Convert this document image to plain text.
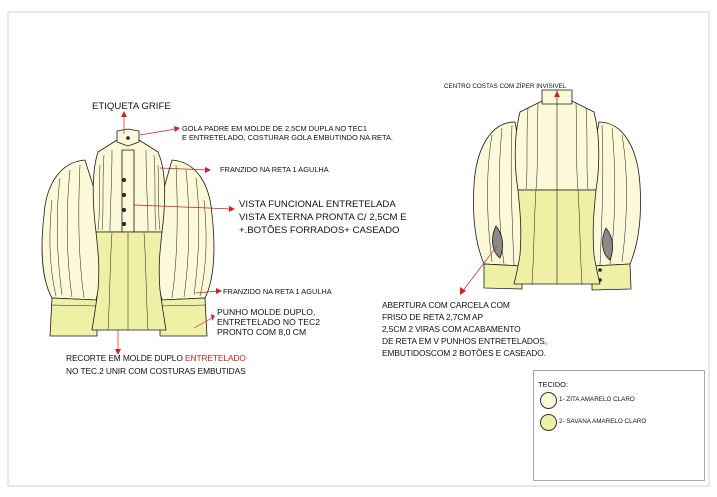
ETIQUETA GRIFE
GOLA PADRE EM MOLDE DE 2,5CM DUPLA NO TEC1
E ENTRETELADO, COSTURAR GOLA EMBUTINDO NA RETA.
FRANZIDO NA RETA 1 AGULHA
VISTA FUNCIONAL ENTRETELADA
VISTA EXTERNA PRONTA C/ 2,5CM E
+.BOTÕES FORRADOS+ CASEADO
FRANZIDO NA RETA 1 AGULHA
PUNHO MOLDE DUPLO,
ENTRETELADO NO TEC2
PRONTO COM 8,0 CM
RECORTE EM MOLDE DUPLO ENTRETELADO
NO TEC.2 UNIR COM COSTURAS EMBUTIDAS
CENTRO COSTAS COM ZÍPER INVISIVEL
ABERTURA COM CARCELA COM
FRISO DE RETA 2,7CM AP
2,5CM 2 VIRAS COM ACABAMENTO
DE RETA EM V PUNHOS ENTRETELADOS,
EMBUTIDOSCOM 2 BOTÕES E CASEADO.
TECIDO:
1- ZITA AMARELO CLARO
2- SAVANA AMARELO CLARO
